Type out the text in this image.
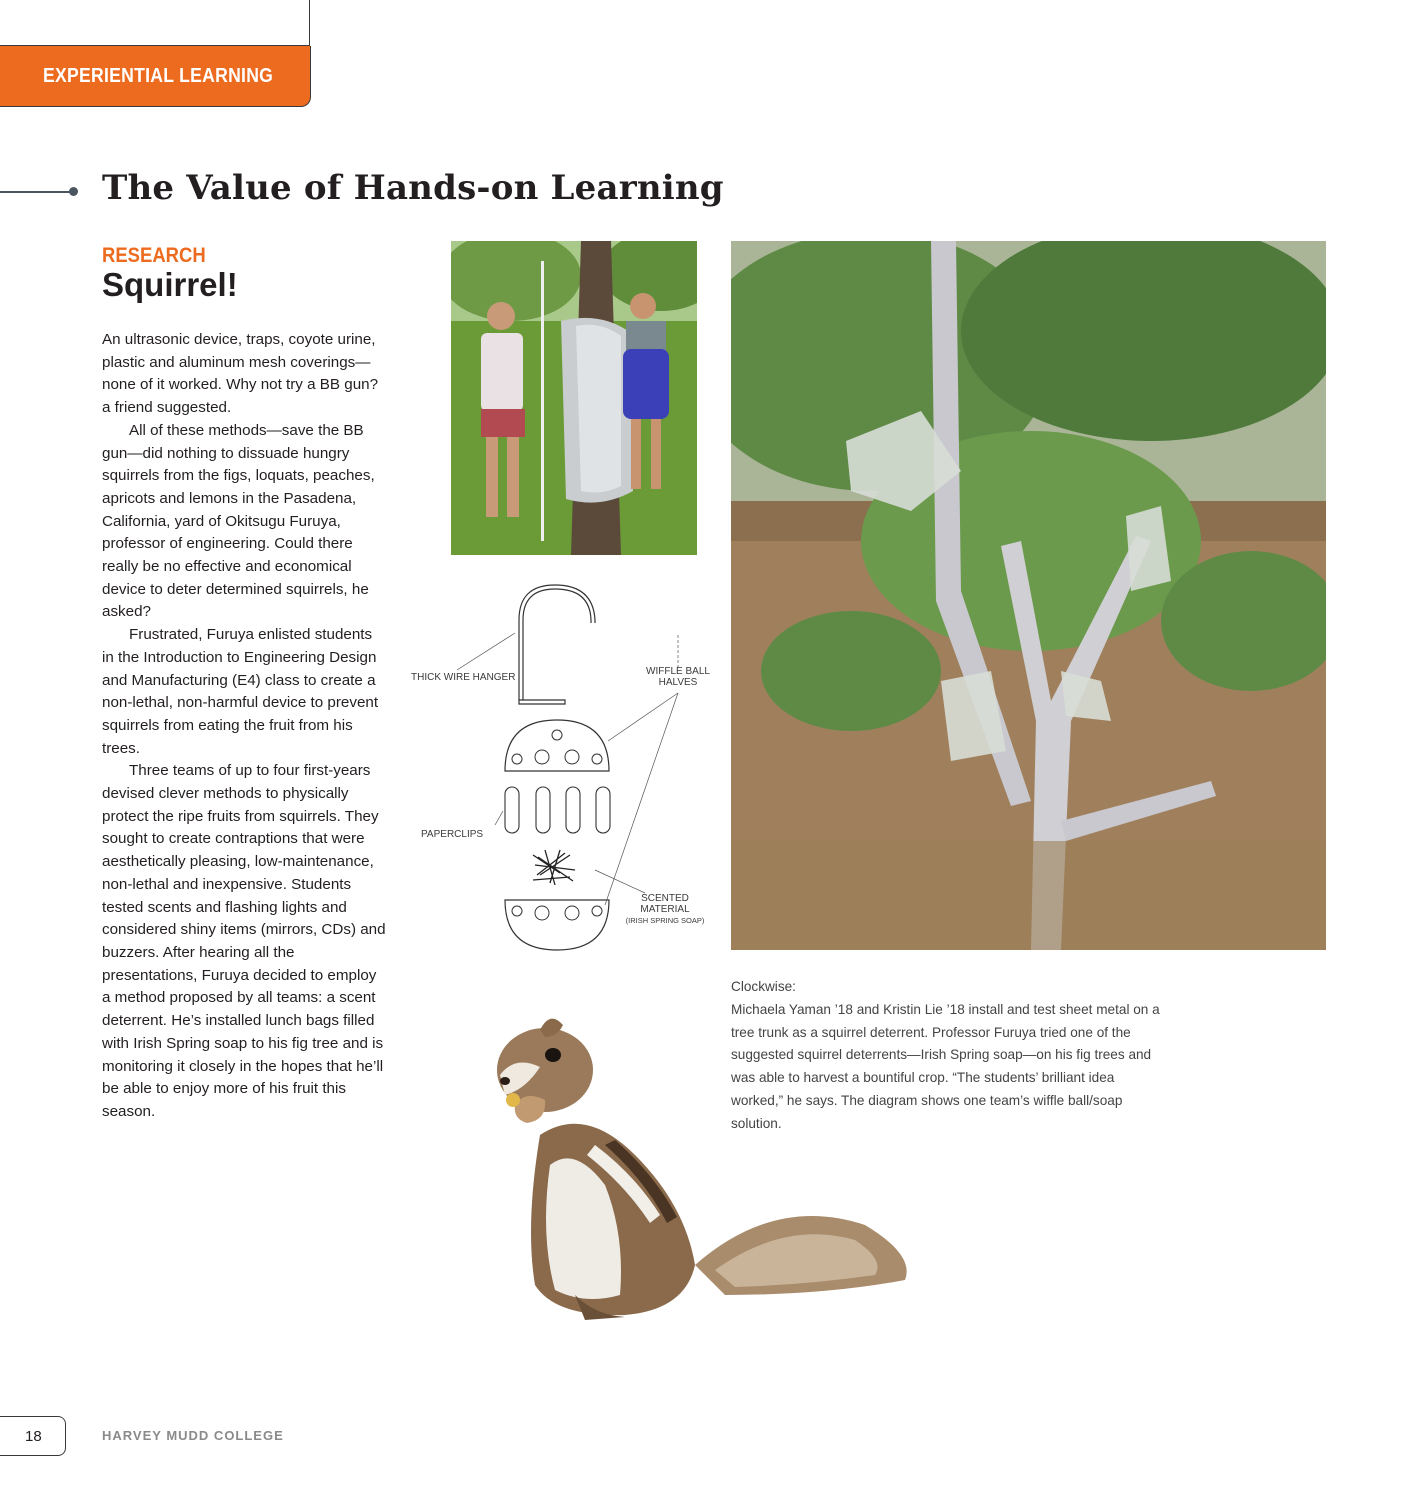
EXPERIENTIAL LEARNING
The Value of Hands-on Learning
RESEARCH
Squirrel!

An ultrasonic device, traps, coyote urine, plastic and aluminum mesh coverings—none of it worked. Why not try a BB gun? a friend suggested.

All of these methods—save the BB gun—did nothing to dissuade hungry squirrels from the figs, loquats, peaches, apricots and lemons in the Pasadena, California, yard of Okitsugu Furuya, professor of engineering. Could there really be no effective and economical device to deter determined squirrels, he asked?

Frustrated, Furuya enlisted students in the Introduction to Engineering Design and Manufacturing (E4) class to create a non-lethal, non-harmful device to prevent squirrels from eating the fruit from his trees.

Three teams of up to four first-years devised clever methods to physically protect the ripe fruits from squirrels. They sought to create contraptions that were aesthetically pleasing, low-maintenance, non-lethal and inexpensive. Students tested scents and flashing lights and considered shiny items (mirrors, CDs) and buzzers. After hearing all the presentations, Furuya decided to employ a method proposed by all teams: a scent deterrent. He’s installed lunch bags filled with Irish Spring soap to his fig tree and is monitoring it closely in the hopes that he’ll be able to enjoy more of his fruit this season.

THICK WIRE HANGER
WIFFLE BALL
HALVES
PAPERCLIPS
SCENTED
MATERIAL
(IRISH SPRING SOAP)

Clockwise:

Michaela Yaman ’18 and Kristin Lie ’18 install and test sheet metal on a tree trunk as a squirrel deterrent. Professor Furuya tried one of the suggested squirrel deterrents—Irish Spring soap—on his fig trees and was able to harvest a bountiful crop. “The students’ brilliant idea worked,” he says. The diagram shows one team’s wiffle ball/soap solution.

18	HARVEY MUDD COLLEGE
